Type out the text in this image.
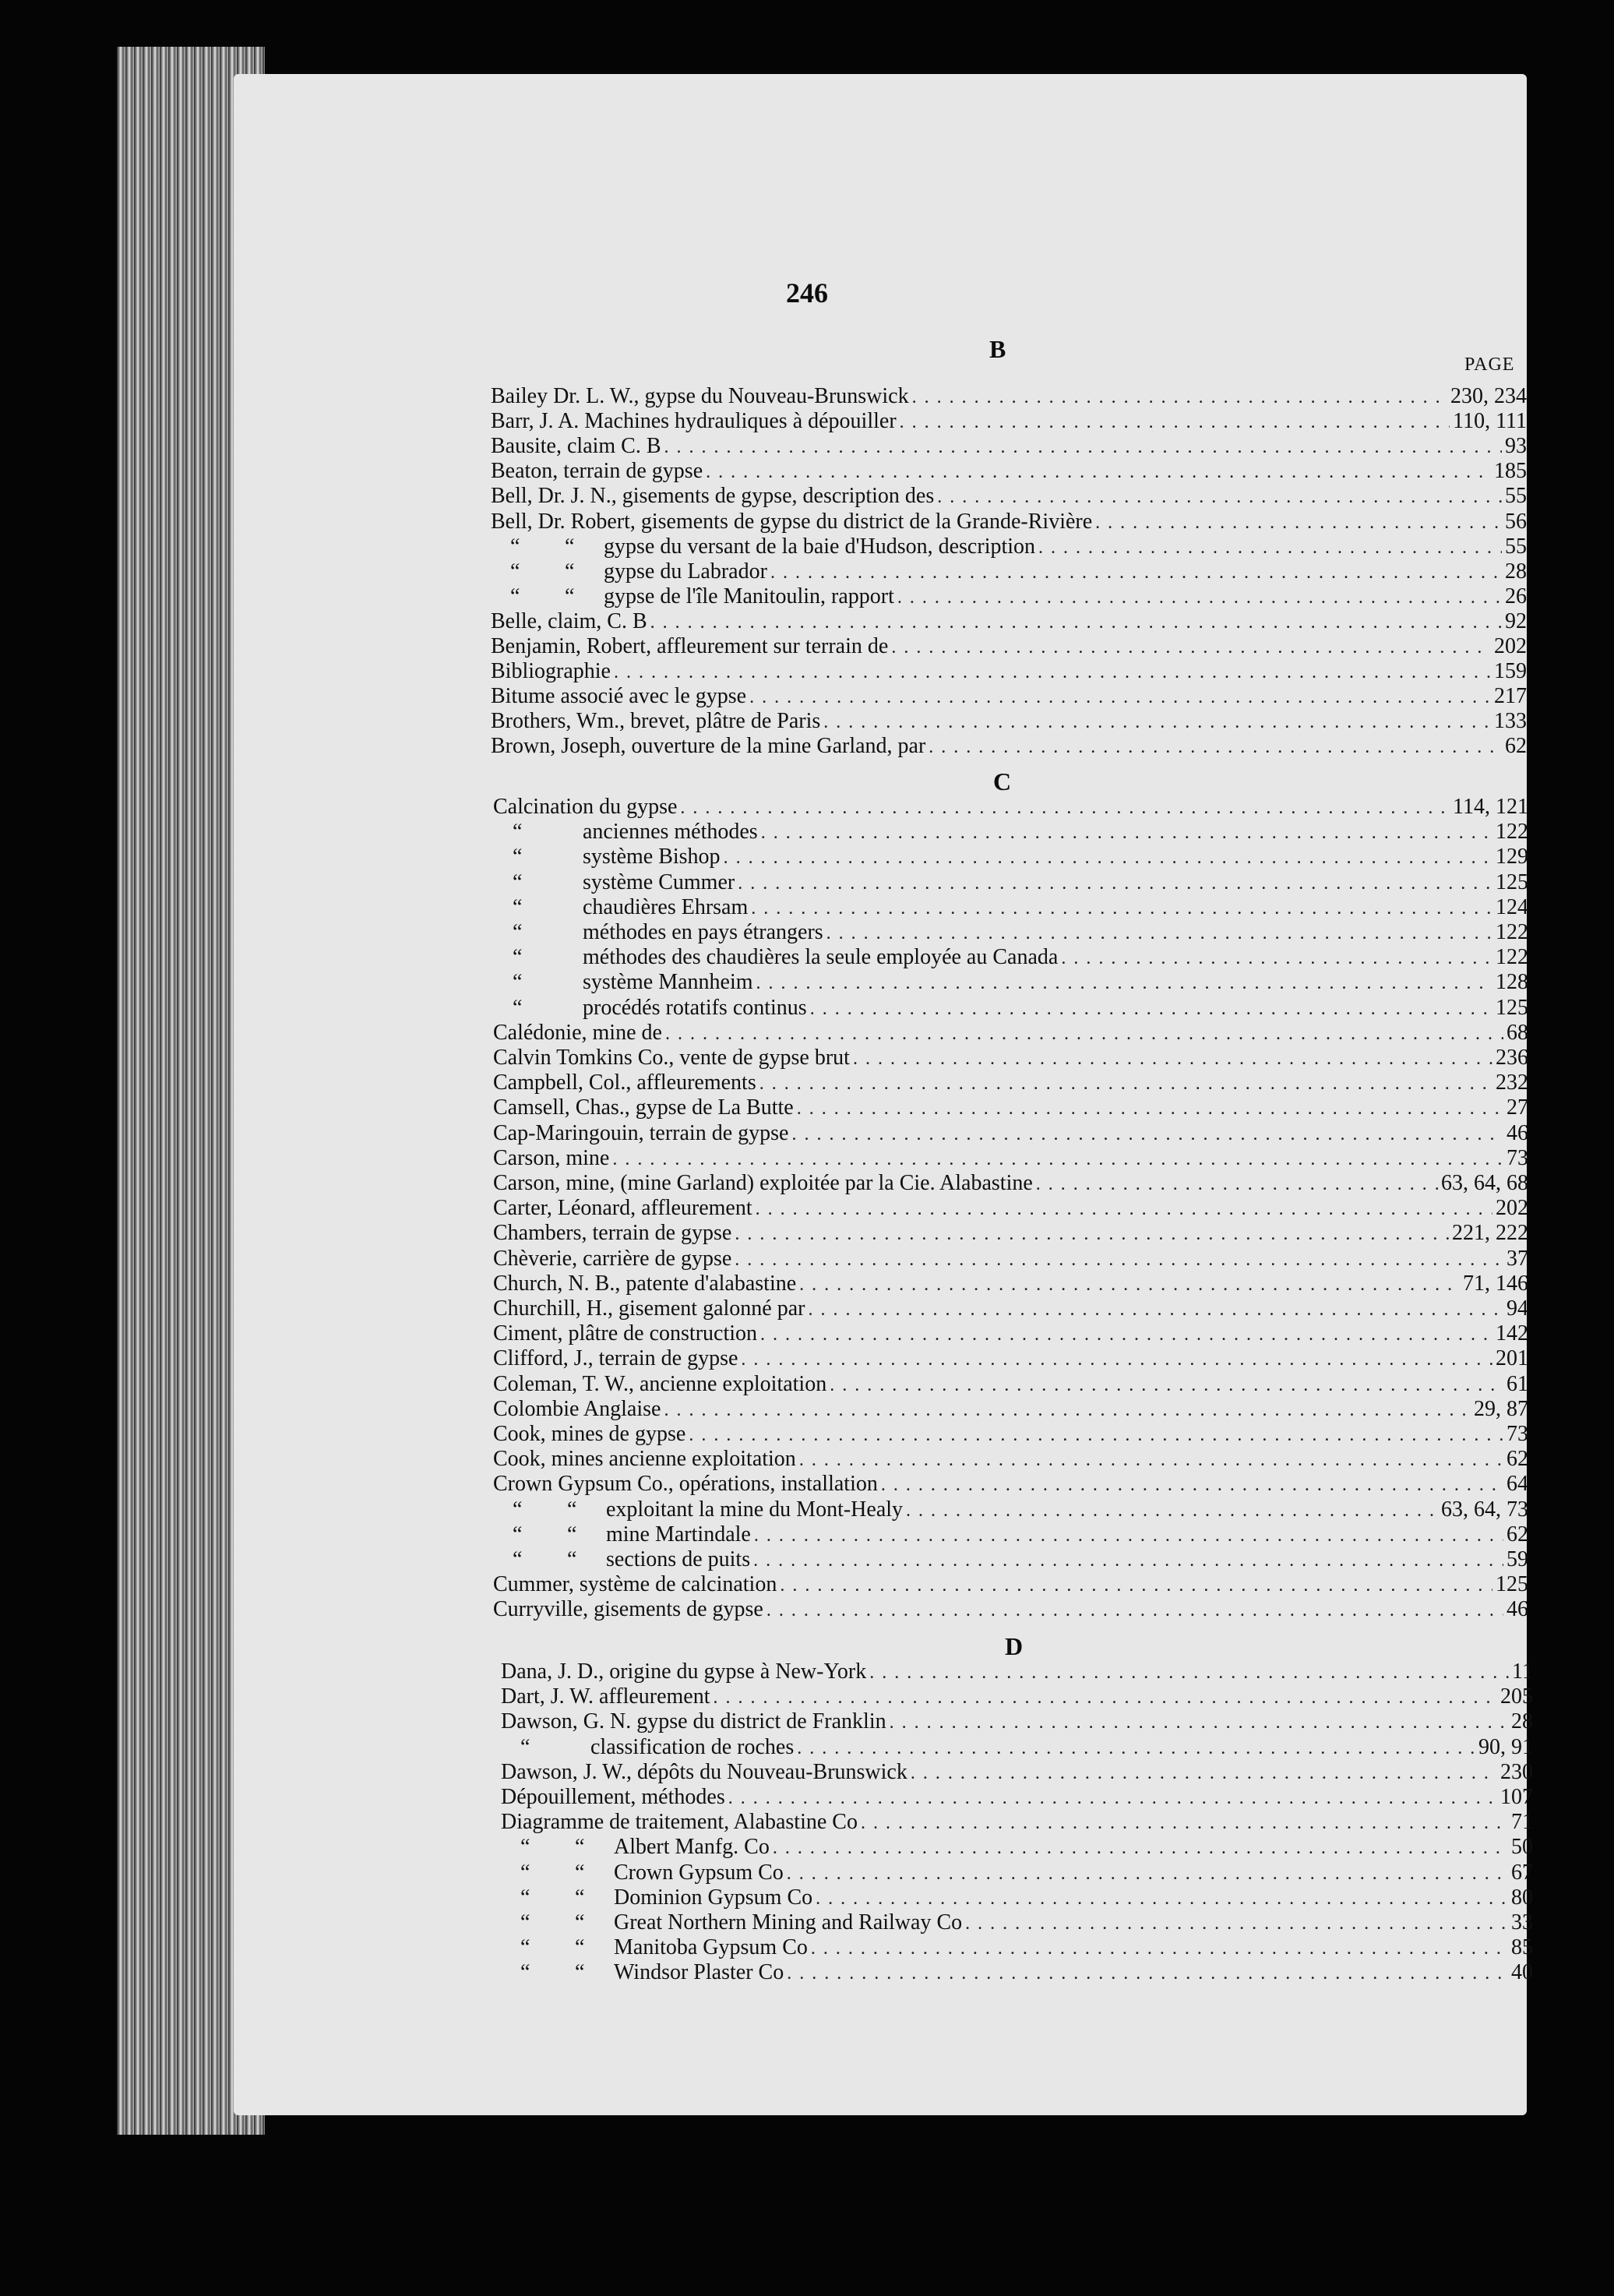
246
PAGE
B
C
D
Bailey Dr. L. W., gypse du Nouveau-Brunswick . . .	230, 234
Barr, J. A. Machines hydrauliques à dépouiller . . .	110, 111
Bausite, claim C. B . . .	93
Beaton, terrain de gypse . . .	185
Bell, Dr. J. N., gisements de gypse, description des . . .	55
Bell, Dr. Robert, gisements de gypse du district de la Grande-Rivière . . .	56
“ “ gypse du versant de la baie d'Hudson, description . . .	55
“ “ gypse du Labrador . . .	28
“ “ gypse de l'île Manitoulin, rapport . . .	26
Belle, claim, C. B . . .	92
Benjamin, Robert, affleurement sur terrain de . . .	202
Bibliographie . . .	159
Bitume associé avec le gypse . . .	217
Brothers, Wm., brevet, plâtre de Paris . . .	133
Brown, Joseph, ouverture de la mine Garland, par . . .	62
Calcination du gypse . . .	114, 121
“	anciennes méthodes . . .	122
“	système Bishop . . .	129
“	système Cummer . . .	125
“	chaudières Ehrsam . . .	124
“	méthodes en pays étrangers . . .	122
“	méthodes des chaudières la seule employée au Canada . . .	122
“	système Mannheim . . .	128
“	procédés rotatifs continus . . .	125
Calédonie, mine de . . .	68
Calvin Tomkins Co., vente de gypse brut . . .	236
Campbell, Col., affleurements . . .	232
Camsell, Chas., gypse de La Butte . . .	27
Cap-Maringouin, terrain de gypse . . .	46
Carson, mine . . .	73
Carson, mine, (mine Garland) exploitée par la Cie. Alabastine . . .	63, 64, 68
Carter, Léonard, affleurement . . .	202
Chambers, terrain de gypse . . .	221, 222
Chèverie, carrière de gypse . . .	37
Church, N. B., patente d'alabastine . . .	71, 146
Churchill, H., gisement galonné par . . .	94
Ciment, plâtre de construction . . .	142
Clifford, J., terrain de gypse . . .	201
Coleman, T. W., ancienne exploitation . . .	61
Colombie Anglaise . . .	29, 87
Cook, mines de gypse . . .	73
Cook, mines ancienne exploitation . . .	62
Crown Gypsum Co., opérations, installation . . .	64
“ “ exploitant la mine du Mont-Healy . . .	63, 64, 73
“ “ mine Martindale . . .	62
“ “ sections de puits . . .	59
Cummer, système de calcination . . .	125
Curryville, gisements de gypse . . .	46
Dana, J. D., origine du gypse à New-York . . .	11
Dart, J. W. affleurement . . .	205
Dawson, G. N. gypse du district de Franklin . . .	28
“	classification de roches . . .	90, 91
Dawson, J. W., dépôts du Nouveau-Brunswick . . .	230
Dépouillement, méthodes . . .	107
Diagramme de traitement, Alabastine Co . . .	71
“ “ Albert Manfg. Co . . .	50
“ “ Crown Gypsum Co . . .	67
“ “ Dominion Gypsum Co . . .	80
“ “ Great Northern Mining and Railway Co . . .	33
“ “ Manitoba Gypsum Co . . .	85
“ “ Windsor Plaster Co . . .	40
